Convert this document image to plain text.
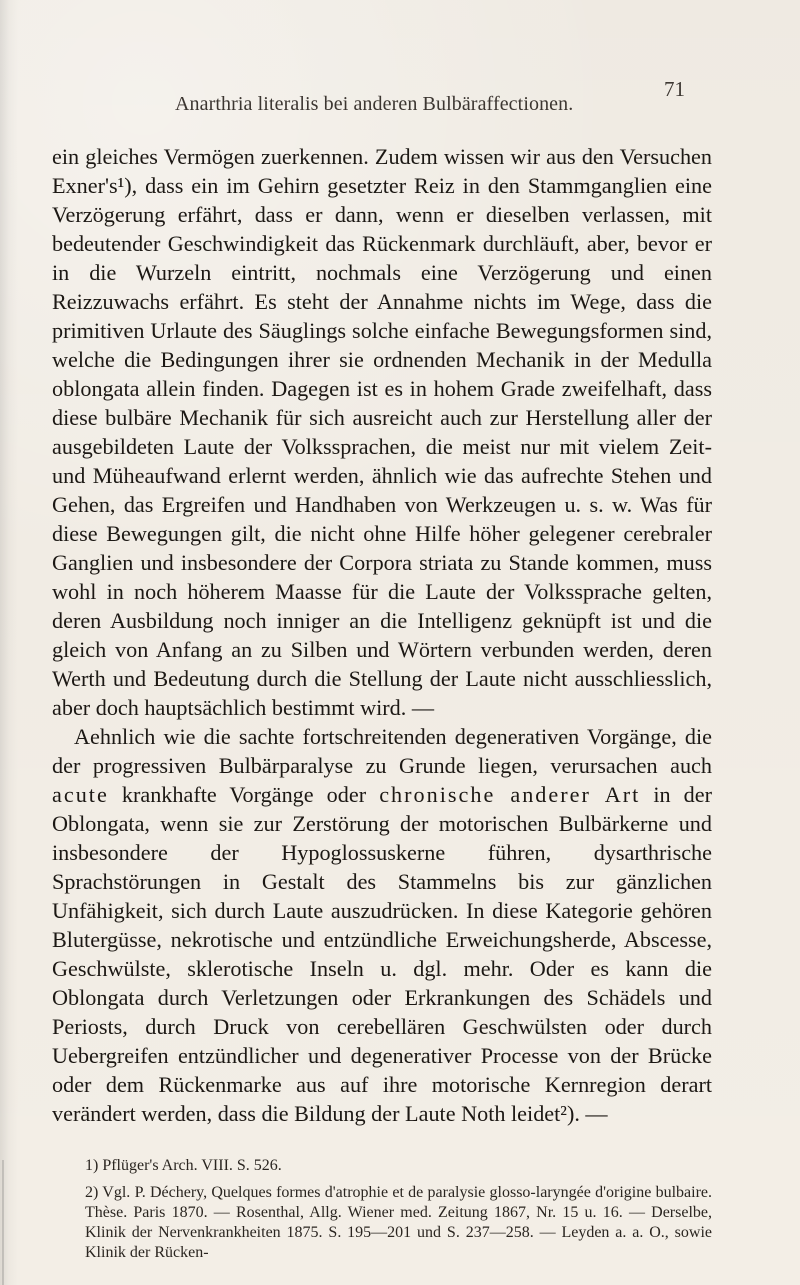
Anarthria literalis bei anderen Bulbäraffectionen.
71

ein gleiches Vermögen zuerkennen. Zudem wissen wir aus den Versuchen Exner's¹), dass ein im Gehirn gesetzter Reiz in den Stammganglien eine Verzögerung erfährt, dass er dann, wenn er dieselben verlassen, mit bedeutender Geschwindigkeit das Rückenmark durchläuft, aber, bevor er in die Wurzeln eintritt, nochmals eine Verzögerung und einen Reizzuwachs erfährt. Es steht der Annahme nichts im Wege, dass die primitiven Urlaute des Säuglings solche einfache Bewegungsformen sind, welche die Bedingungen ihrer sie ordnenden Mechanik in der Medulla oblongata allein finden. Dagegen ist es in hohem Grade zweifelhaft, dass diese bulbäre Mechanik für sich ausreicht auch zur Herstellung aller der ausgebildeten Laute der Volkssprachen, die meist nur mit vielem Zeit- und Müheaufwand erlernt werden, ähnlich wie das aufrechte Stehen und Gehen, das Ergreifen und Handhaben von Werkzeugen u. s. w. Was für diese Bewegungen gilt, die nicht ohne Hilfe höher gelegener cerebraler Ganglien und insbesondere der Corpora striata zu Stande kommen, muss wohl in noch höherem Maasse für die Laute der Volkssprache gelten, deren Ausbildung noch inniger an die Intelligenz geknüpft ist und die gleich von Anfang an zu Silben und Wörtern verbunden werden, deren Werth und Bedeutung durch die Stellung der Laute nicht ausschliesslich, aber doch hauptsächlich bestimmt wird. —

Aehnlich wie die sachte fortschreitenden degenerativen Vorgänge, die der progressiven Bulbärparalyse zu Grunde liegen, verursachen auch acute krankhafte Vorgänge oder chronische anderer Art in der Oblongata, wenn sie zur Zerstörung der motorischen Bulbärkerne und insbesondere der Hypoglossuskerne führen, dysarthrische Sprachstörungen in Gestalt des Stammelns bis zur gänzlichen Unfähigkeit, sich durch Laute auszudrücken. In diese Kategorie gehören Blutergüsse, nekrotische und entzündliche Erweichungsherde, Abscesse, Geschwülste, sklerotische Inseln u. dgl. mehr. Oder es kann die Oblongata durch Verletzungen oder Erkrankungen des Schädels und Periosts, durch Druck von cerebellären Geschwülsten oder durch Uebergreifen entzündlicher und degenerativer Processe von der Brücke oder dem Rückenmarke aus auf ihre motorische Kernregion derart verändert werden, dass die Bildung der Laute Noth leidet²). —

1) Pflüger's Arch. VIII. S. 526.

2) Vgl. P. Déchery, Quelques formes d'atrophie et de paralysie glosso-laryngée d'origine bulbaire. Thèse. Paris 1870. — Rosenthal, Allg. Wiener med. Zeitung 1867, Nr. 15 u. 16. — Derselbe, Klinik der Nervenkrankheiten 1875. S. 195—201 und S. 237—258. — Leyden a. a. O., sowie Klinik der Rücken-
